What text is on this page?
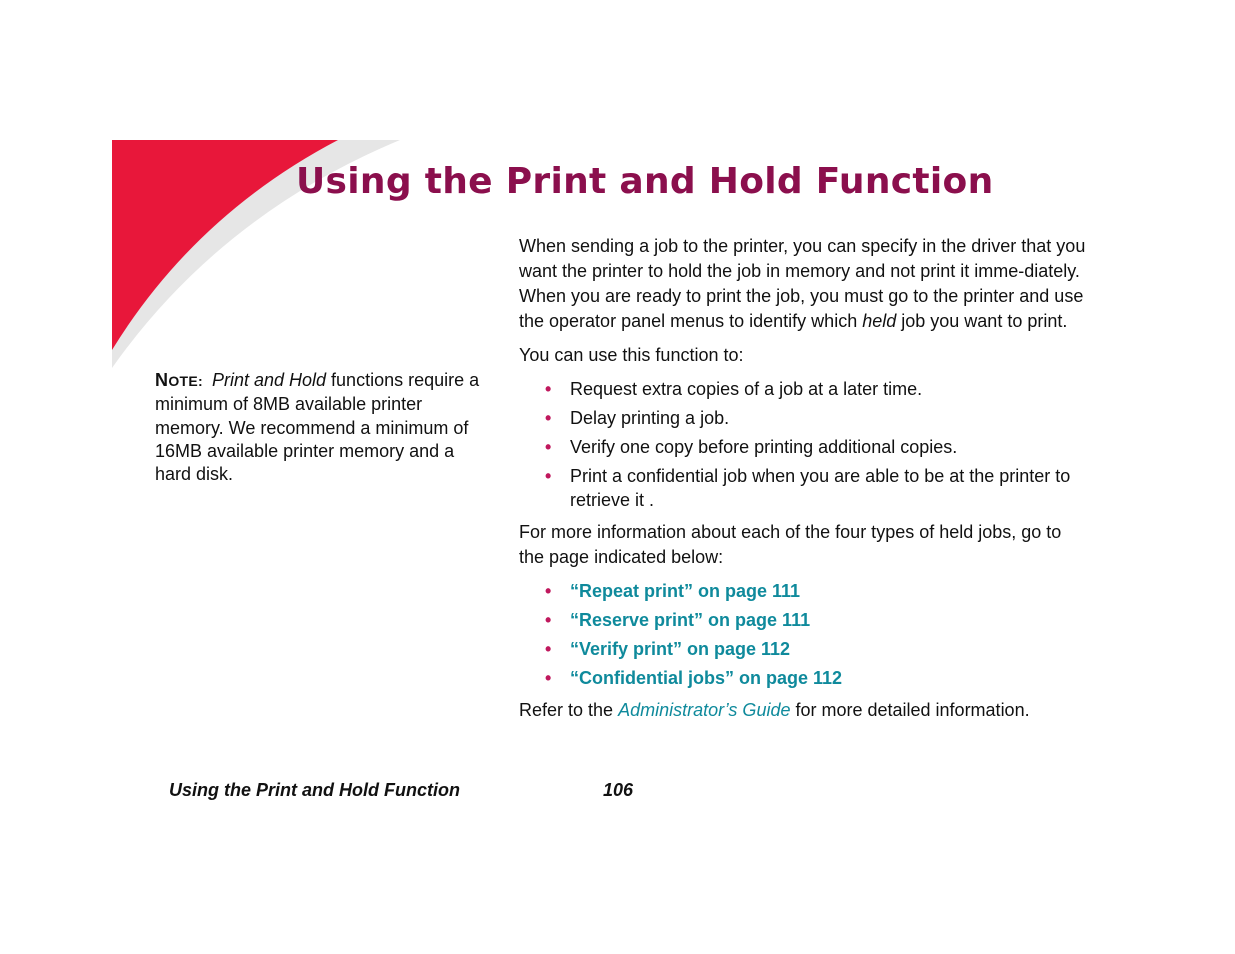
Using the Print and Hold Function
NOTE: Print and Hold functions require a minimum of 8MB available printer memory. We recommend a minimum of 16MB available printer memory and a hard disk.

When sending a job to the printer, you can specify in the driver that you want the printer to hold the job in memory and not print it imme-diately. When you are ready to print the job, you must go to the printer and use the operator panel menus to identify which held job you want to print.

You can use this function to:

• Request extra copies of a job at a later time.
• Delay printing a job.
• Verify one copy before printing additional copies.
• Print a confidential job when you are able to be at the printer to retrieve it .

For more information about each of the four types of held jobs, go to the page indicated below:

• “Repeat print” on page 111
• “Reserve print” on page 111
• “Verify print” on page 112
• “Confidential jobs” on page 112

Refer to the Administrator’s Guide for more detailed information.

Using the Print and Hold Function	106
